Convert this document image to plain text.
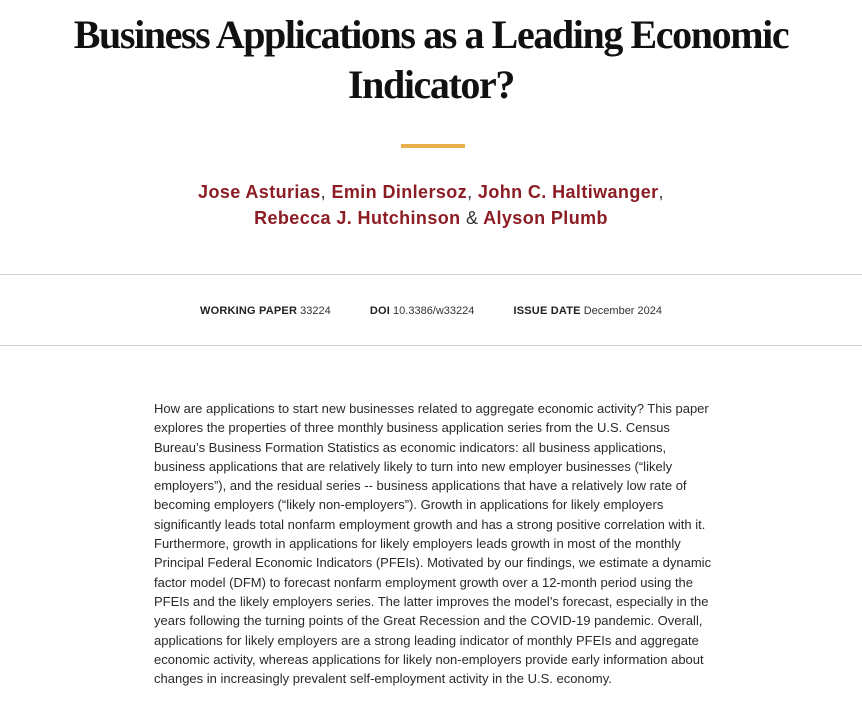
Business Applications as a Leading Economic Indicator?
Jose Asturias, Emin Dinlersoz, John C. Haltiwanger,
Rebecca J. Hutchinson & Alyson Plumb
WORKING PAPER 33224	DOI 10.3386/w33224	ISSUE DATE December 2024

How are applications to start new businesses related to aggregate economic activity? This paper explores the properties of three monthly business application series from the U.S. Census Bureau’s Business Formation Statistics as economic indicators: all business applications, business applications that are relatively likely to turn into new employer businesses (“likely employers”), and the residual series -- business applications that have a relatively low rate of becoming employers (“likely non-employers”). Growth in applications for likely employers significantly leads total nonfarm employment growth and has a strong positive correlation with it. Furthermore, growth in applications for likely employers leads growth in most of the monthly Principal Federal Economic Indicators (PFEIs). Motivated by our findings, we estimate a dynamic factor model (DFM) to forecast nonfarm employment growth over a 12-month period using the PFEIs and the likely employers series. The latter improves the model’s forecast, especially in the years following the turning points of the Great Recession and the COVID-19 pandemic. Overall, applications for likely employers are a strong leading indicator of monthly PFEIs and aggregate economic activity, whereas applications for likely non-employers provide early information about changes in increasingly prevalent self-employment activity in the U.S. economy.
